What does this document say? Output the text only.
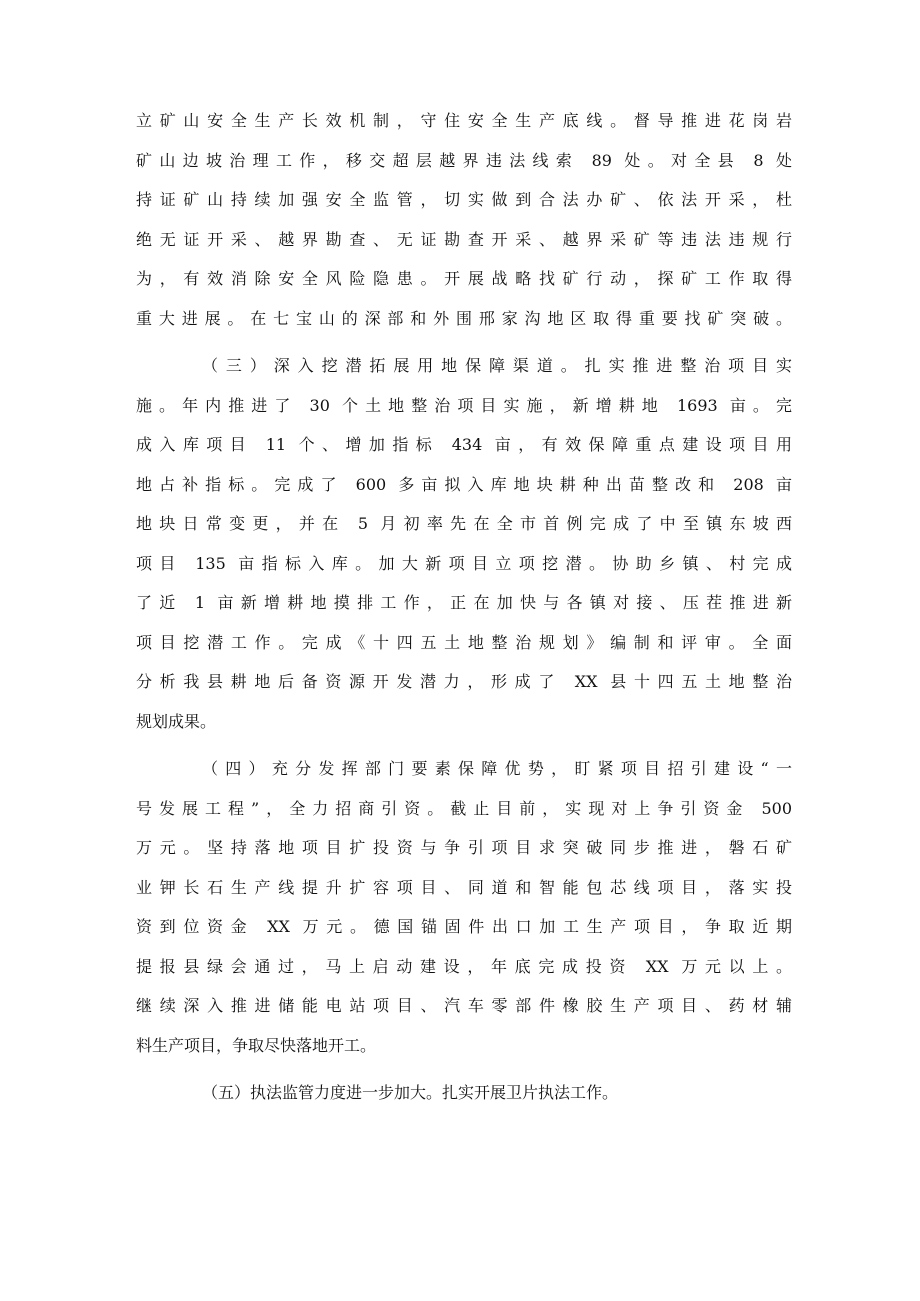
立矿山安全生产长效机制，守住安全生产底线。督导推进花岗岩
矿山边坡治理工作，移交超层越界违法线索 89 处。对全县 8 处
持证矿山持续加强安全监管，切实做到合法办矿、依法开采，杜
绝无证开采、越界勘查、无证勘查开采、越界采矿等违法违规行
为，有效消除安全风险隐患。开展战略找矿行动，探矿工作取得
重大进展。在七宝山的深部和外围邢家沟地区取得重要找矿突破。
（三）深入挖潜拓展用地保障渠道。扎实推进整治项目实
施。年内推进了 30 个土地整治项目实施，新增耕地 1693 亩。完
成入库项目 11 个、增加指标 434 亩，有效保障重点建设项目用
地占补指标。完成了 600 多亩拟入库地块耕种出苗整改和 208 亩
地块日常变更，并在 5 月初率先在全市首例完成了中至镇东坡西
项目 135 亩指标入库。加大新项目立项挖潜。协助乡镇、村完成
了近 1 亩新增耕地摸排工作，正在加快与各镇对接、压茬推进新
项目挖潜工作。完成《十四五土地整治规划》编制和评审。全面
分析我县耕地后备资源开发潜力，形成了 XX 县十四五土地整治
规划成果。
（四）充分发挥部门要素保障优势，盯紧项目招引建设“一
号发展工程”，全力招商引资。截止目前，实现对上争引资金 500
万元。坚持落地项目扩投资与争引项目求突破同步推进，磐石矿
业钾长石生产线提升扩容项目、同道和智能包芯线项目，落实投
资到位资金 XX 万元。德国锚固件出口加工生产项目，争取近期
提报县绿会通过，马上启动建设，年底完成投资 XX 万元以上。
继续深入推进储能电站项目、汽车零部件橡胶生产项目、药材辅
料生产项目，争取尽快落地开工。
（五）执法监管力度进一步加大。扎实开展卫片执法工作。
